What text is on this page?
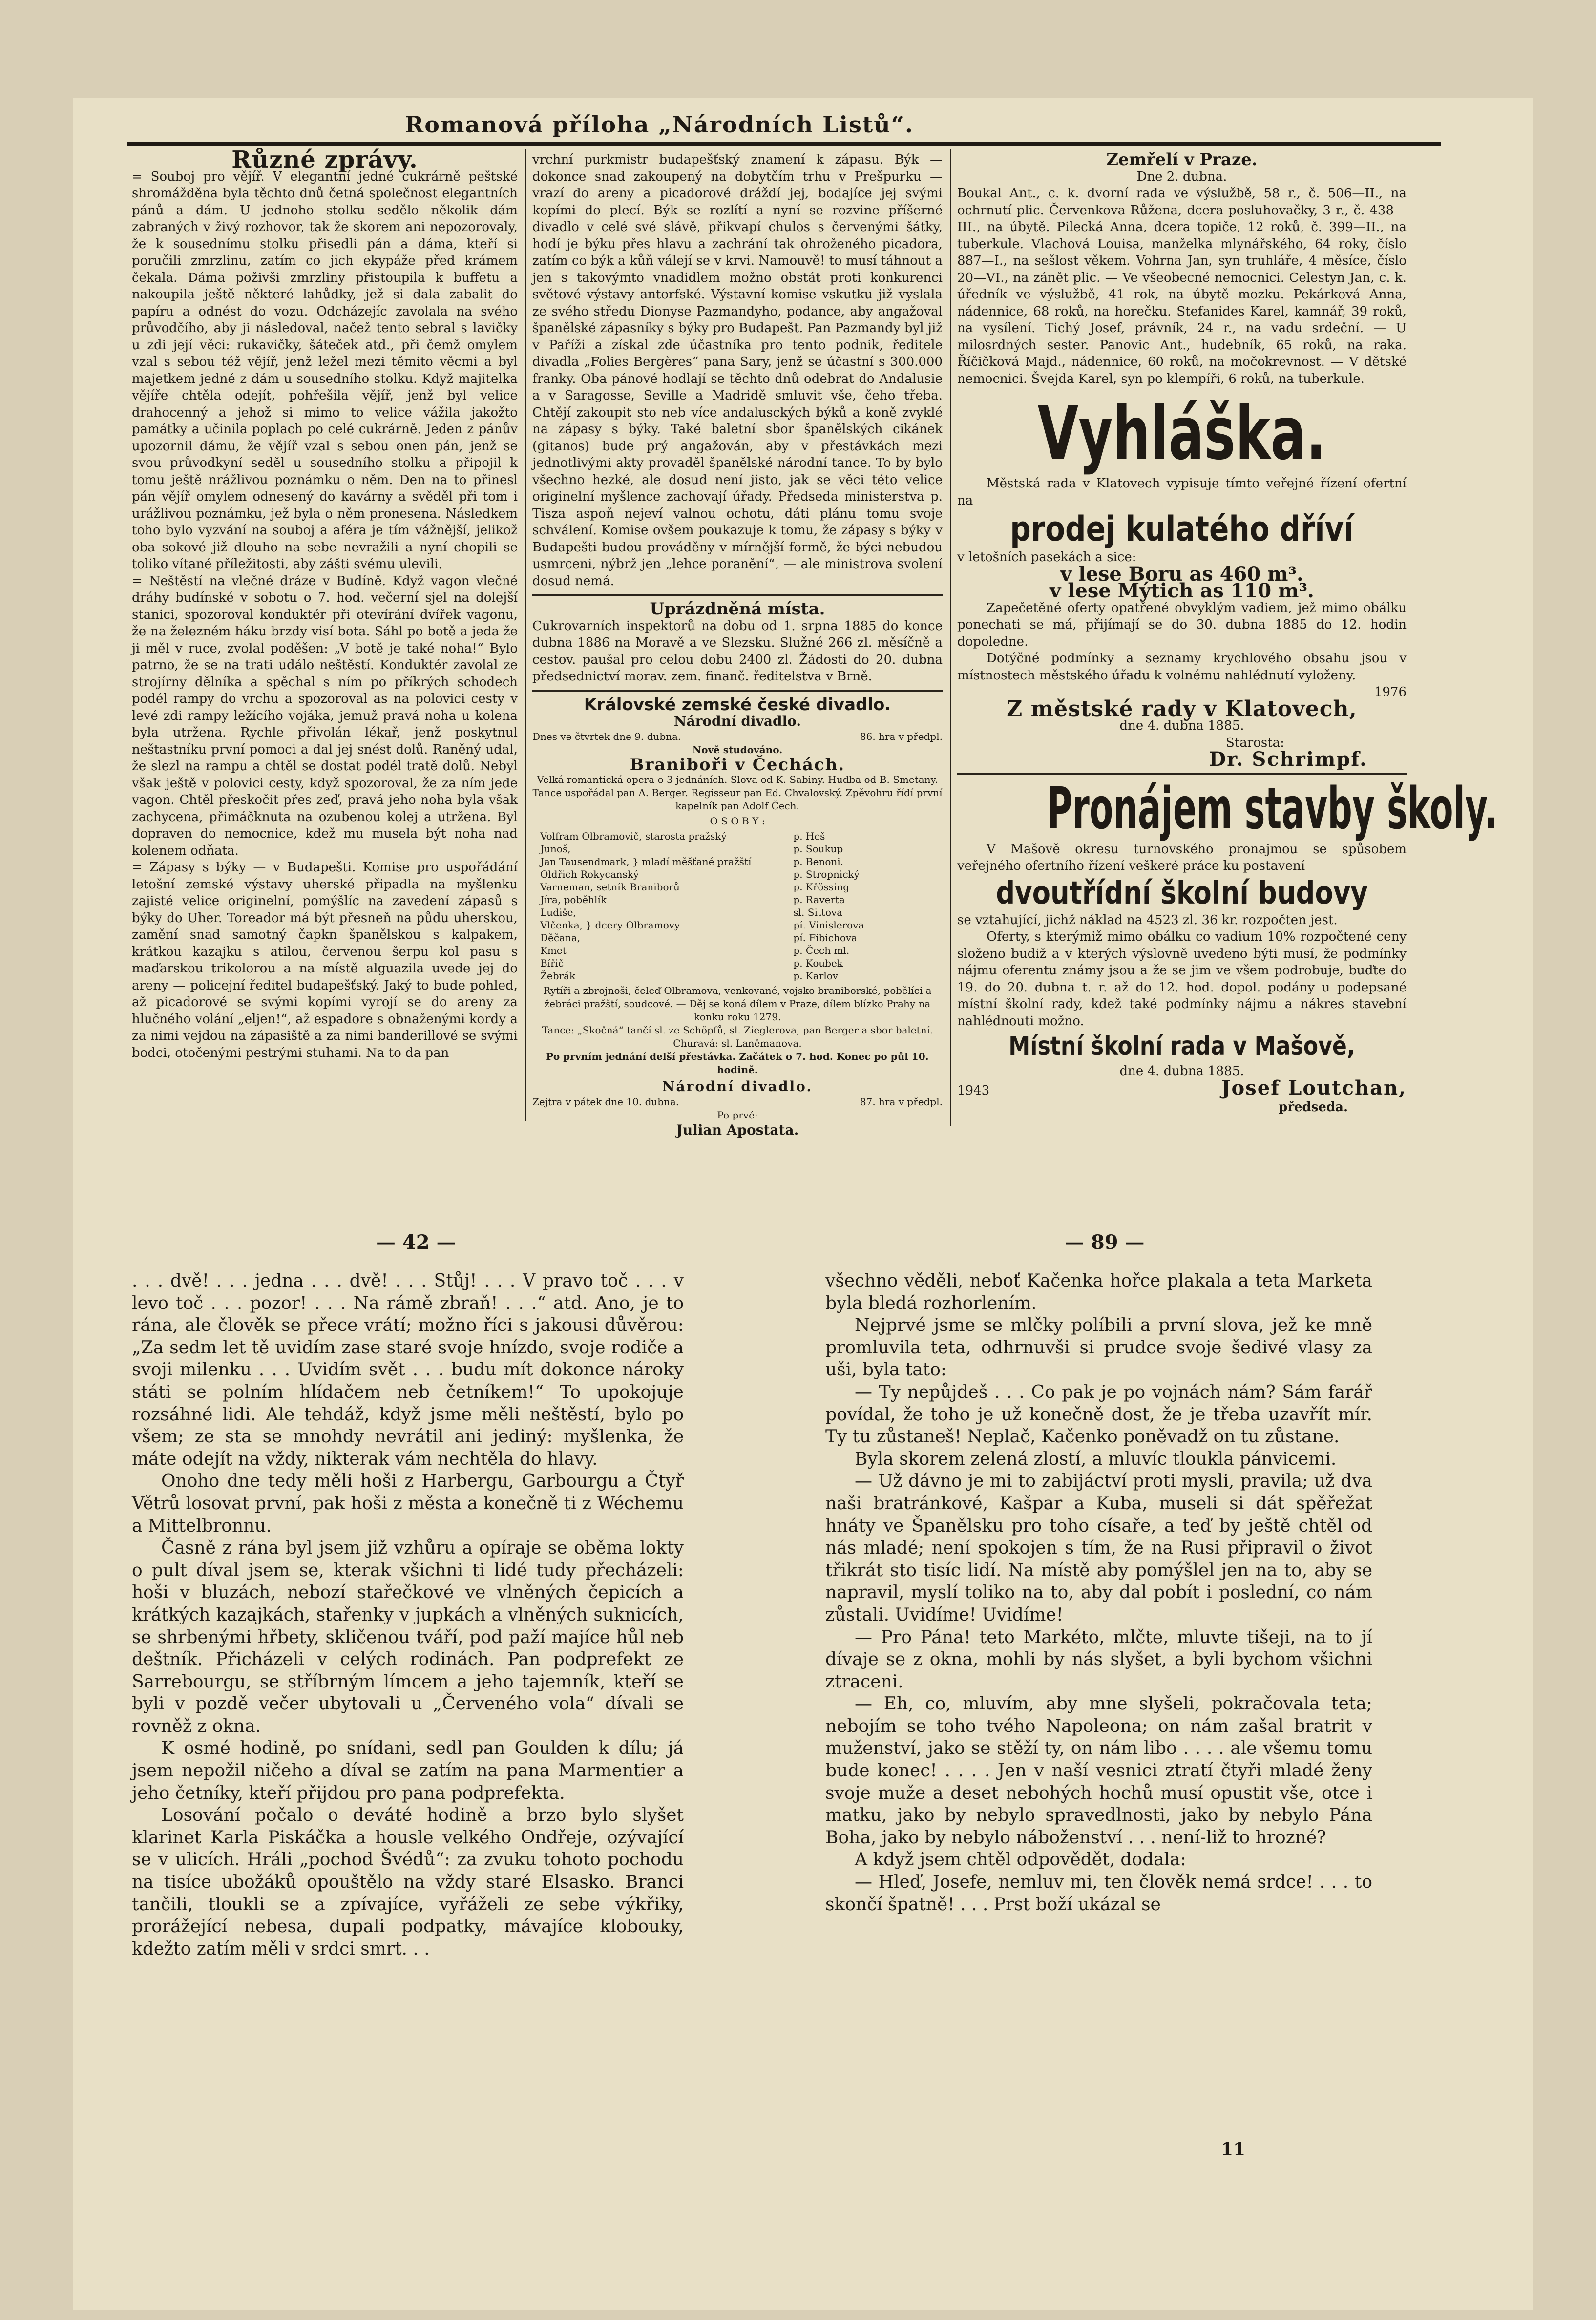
Romanová příloha „Národních Listů“.
Různé zprávy.

= Souboj pro vějíř. V elegantní jedné cukrárně peštské shromážděna byla těchto dnů četná společnost elegantních pánů a dám. U jednoho stolku sedělo několik dám zabraných v živý rozhovor, tak že skorem ani nepozorovaly, že k sousednímu stolku přisedli pán a dáma, kteří si poručili zmrzlinu, zatím co jich ekypáže před krámem čekala. Dáma poživši zmrzliny přistoupila k buffetu a nakoupila ještě některé lahůdky, jež si dala zabalit do papíru a odnést do vozu. Odcházejíc zavolala na svého průvodčího, aby ji následoval, načež tento sebral s lavičky u zdi její věci: rukavičky, šáteček atd., při čemž omylem vzal s sebou též vějíř, jenž ležel mezi těmito věcmi a byl majetkem jedné z dám u sousedního stolku. Když majitelka vějíře chtěla odejít, pohřešila vějíř, jenž byl velice drahocenný a jehož si mimo to velice vážila jakožto památky a učinila poplach po celé cukrárně. Jeden z pánův upozornil dámu, že vějíř vzal s sebou onen pán, jenž se svou průvodkyní seděl u sousedního stolku a připojil k tomu ještě nrážlivou poznámku o něm. Den na to přinesl pán vějíř omylem odnesený do kavárny a svěděl při tom i urážlivou poznámku, jež byla o něm pronesena. Následkem toho bylo vyzvání na souboj a aféra je tím vážnější, jelikož oba sokové již dlouho na sebe nevražili a nyní chopili se toliko vítané příležitosti, aby zášti svému ulevili.

= Neštěstí na vlečné dráze v Budíně. Když vagon vlečné dráhy budínské v sobotu o 7. hod. večerní sjel na dolejší stanici, spozoroval konduktér při otevírání dvířek vagonu, že na železném háku brzdy visí bota. Sáhl po botě a jeda že ji měl v ruce, zvolal poděšen: „V botě je také noha!“ Bylo patrno, že se na trati událo neštěstí. Konduktér zavolal ze strojírny dělníka a spěchal s ním po příkrých schodech podél rampy do vrchu a spozoroval as na polovici cesty v levé zdi rampy ležícího vojáka, jemuž pravá noha u kolena byla utržena. Rychle přivolán lékař, jenž poskytnul neštastníku první pomoci a dal jej snést dolů. Raněný udal, že slezl na rampu a chtěl se dostat podél tratě dolů. Nebyl však ještě v polovici cesty, když spozoroval, že za ním jede vagon. Chtěl přeskočit přes zeď, pravá jeho noha byla však zachycena, přimáčknuta na ozubenou kolej a utržena. Byl dopraven do nemocnice, kdež mu musela být noha nad kolenem odňata.

= Zápasy s býky — v Budapešti. Komise pro uspořádání letošní zemské výstavy uherské připadla na myšlenku zajisté velice originelní, pomýšlíc na zavedení zápasů s býky do Uher. Toreador má být přesneň na půdu uherskou, zamění snad samotný čapkn španělskou s kalpakem, krátkou kazajku s atilou, červenou šerpu kol pasu s maďarskou trikolorou a na místě alguazila uvede jej do areny — policejní ředitel budapešťský. Jaký to bude pohled, až picadorové se svými kopími vyrojí se do areny za hlučného volání „eljen!“, až espadore s obnaženými kordy a za nimi vejdou na zápasiště a za nimi banderillové se svými bodci, otočenými pestrými stuhami. Na to da pan

vrchní purkmistr budapešťský znamení k zápasu. Býk — dokonce snad zakoupený na dobytčím trhu v Prešpurku — vrazí do areny a picadorové dráždí jej, bodajíce jej svými kopími do plecí. Býk se rozlítí a nyní se rozvine příšerné divadlo v celé své slávě, přikvapí chulos s červenými šátky, hodí je býku přes hlavu a zachrání tak ohroženého picadora, zatím co býk a kůň válejí se v krvi. Namouvě! to musí táhnout a jen s takovýmto vnadidlem možno obstát proti konkurenci světové výstavy antorfské. Výstavní komise vskutku již vyslala ze svého středu Dionyse Pazmandyho, podance, aby angažoval španělské zápasníky s býky pro Budapešt. Pan Pazmandy byl již v Paříži a získal zde účastníka pro tento podnik, ředitele divadla „Folies Bergères“ pana Sary, jenž se účastní s 300.000 franky. Oba pánové hodlají se těchto dnů odebrat do Andalusie a v Saragosse, Seville a Madridě smluvit vše, čeho třeba. Chtějí zakoupit sto neb více andalusckých býků a koně zvyklé na zápasy s býky. Také baletní sbor španělských cikánek (gitanos) bude prý angažován, aby v přestávkách mezi jednotlivými akty provaděl španělské národní tance. To by bylo všechno hezké, ale dosud není jisto, jak se věci této velice originelní myšlence zachovají úřady. Předseda ministerstva p. Tisza aspoň nejeví valnou ochotu, dáti plánu tomu svoje schválení. Komise ovšem poukazuje k tomu, že zápasy s býky v Budapešti budou prováděny v mírnější formě, že býci nebudou usmrceni, nýbrž jen „lehce poranění“, — ale ministrova svolení dosud nemá.

Uprázdněná místa.

Cukrovarních inspektorů na dobu od 1. srpna 1885 do konce dubna 1886 na Moravě a ve Slezsku. Služné 266 zl. měsíčně a cestov. paušal pro celou dobu 2400 zl. Žádosti do 20. dubna předsednictví morav. zem. finanč. ředitelstva v Brně.

Královské zemské české divadlo.
Národní divadlo.
Dnes ve čtvrtek dne 9. dubna.	86. hra v předpl.
Nově studováno.
Braniboři v Čechách.
Velká romantická opera o 3 jednáních. Slova od K. Sabiny. Hudba od B. Smetany. Tance uspořádal pan A. Berger. Regisseur pan Ed. Chvalovský. Zpěvohru řídí první kapelník pan Adolf Čech.
O S O B Y :
Volfram Olbramovič, starosta pražský	p. Heš
Junoš,	p. Soukup
Jan Tausendmark, } mladí měšťané pražští	p. Benoni.
Oldřich Rokycanský	p. Stropnický
Varneman, setník Braniborů	p. Křössing
Jíra, poběhlík	p. Raverta
Ludiše,	sl. Sittova
Vlčenka, } dcery Olbramovy	pí. Vinislerova
Děčana,	pí. Fibichova
Kmet	p. Čech ml.
Bířič	p. Koubek
Žebrák	p. Karlov
Rytíři a zbrojnoši, čeleď Olbramova, venkované, vojsko braniborské, pobělíci a žebráci pražští, soudcové. — Děj se koná dílem v Praze, dílem blízko Prahy na konku roku 1279.
Tance: „Skočná“ tančí sl. ze Schöpfů, sl. Zieglerova, pan Berger a sbor baletní.
Churavá: sl. Laněmanova.
Po prvním jednání delší přestávka. Začátek o 7. hod. Konec po půl 10. hodině.
Národní divadlo.
Zejtra v pátek dne 10. dubna.	87. hra v předpl.
Po prvé:
Julian Apostata.
Zemřelí v Praze.
Dne 2. dubna.

Boukal Ant., c. k. dvorní rada ve výslužbě, 58 r., č. 506—II., na ochrnutí plic. Červenkova Růžena, dcera posluhovačky, 3 r., č. 438—III., na úbytě. Pilecká Anna, dcera topiče, 12 roků, č. 399—II., na tuberkule. Vlachová Louisa, manželka mlynářského, 64 roky, číslo 887—I., na sešlost věkem. Vohrna Jan, syn truhláře, 4 měsíce, číslo 20—VI., na zánět plic. — Ve všeobecné nemocnici. Celestyn Jan, c. k. úředník ve výslužbě, 41 rok, na úbytě mozku. Pekárková Anna, nádennice, 68 roků, na horečku. Stefanides Karel, kamnář, 39 roků, na vysílení. Tichý Josef, právník, 24 r., na vadu srdeční. — U milosrdných sester. Panovic Ant., hudebník, 65 roků, na raka. Říčičková Majd., nádennice, 60 roků, na močokrevnost. — V dětské nemocnici. Švejda Karel, syn po klempíři, 6 roků, na tuberkule.

Vyhláška.

Městská rada v Klatovech vypisuje tímto veřejné řízení ofertní na

prodej kulatého dříví

v letošních pasekách a sice:

v lese Boru as 460 m³.
v lese Mýtich as 110 m³.

Zapečetěné oferty opatřené obvyklým vadiem, jež mimo obálku ponechati se má, přijímají se do 30. dubna 1885 do 12. hodin dopoledne.

Dotýčné podmínky a seznamy krychlového obsahu jsou v místnostech městského úřadu k volnému nahlédnutí vyloženy.

1976
Z městské rady v Klatovech,
dne 4. dubna 1885.
Starosta:
Dr. Schrimpf.
Pronájem stavby školy.

V Mašově okresu turnovského pronajmou se spůsobem veřejného ofertního řízení veškeré práce ku postavení

dvoutřídní školní budovy

se vztahující, jichž náklad na 4523 zl. 36 kr. rozpočten jest.

Oferty, s kterýmiž mimo obálku co vadium 10% rozpočtené ceny složeno budiž a v kterých výslovně uvedeno býti musí, že podmínky nájmu oferentu známy jsou a že se jim ve všem podrobuje, buďte do 19. do 20. dubna t. r. až do 12. hod. dopol. podány u podepsané místní školní rady, kdež také podmínky nájmu a nákres stavební nahlédnouti možno.

Místní školní rada v Mašově,
dne 4. dubna 1885.
1943	Josef Loutchan,
předseda.
— 42 —	— 89 —

. . . dvě! . . . jedna . . . dvě! . . . Stůj! . . . V pravo toč . . . v levo toč . . . pozor! . . . Na rámě zbraň! . . .“ atd. Ano, je to rána, ale člověk se přece vrátí; možno říci s jakousi důvěrou: „Za sedm let tě uvidím zase staré svoje hnízdo, svoje rodiče a svoji milenku . . . Uvidím svět . . . budu mít dokonce nároky státi se polním hlídačem neb četníkem!“ To upokojuje rozsáhné lidi. Ale tehdáž, když jsme měli neštěstí, bylo po všem; ze sta se mnohdy nevrátil ani jediný: myšlenka, že máte odejít na vždy, nikterak vám nechtěla do hlavy.

Onoho dne tedy měli hoši z Harbergu, Garbourgu a Čtyř Větrů losovat první, pak hoši z města a konečně ti z Wéchemu a Mittelbronnu.

Časně z rána byl jsem již vzhůru a opíraje se oběma lokty o pult díval jsem se, kterak všichni ti lidé tudy přecházeli: hoši v bluzách, nebozí stařečkové ve vlněných čepicích a krátkých kazajkách, stařenky v jupkách a vlněných suknicích, se shrbenými hřbety, skličenou tváří, pod paží majíce hůl neb deštník. Přicházeli v celých rodinách. Pan podprefekt ze Sarrebourgu, se stříbrným límcem a jeho tajemník, kteří se byli v pozdě večer ubytovali u „Červeného vola“ dívali se rovněž z okna.

K osmé hodině, po snídani, sedl pan Goulden k dílu; já jsem nepožil ničeho a díval se zatím na pana Marmentier a jeho četníky, kteří přijdou pro pana podprefekta.

Losování počalo o deváté hodině a brzo bylo slyšet klarinet Karla Piskáčka a housle velkého Ondřeje, ozývající se v ulicích. Hráli „pochod Švédů“: za zvuku tohoto pochodu na tisíce ubožáků opouštělo na vždy staré Elsasko. Branci tančili, tloukli se a zpívajíce, vyřáželi ze sebe výkřiky, prorážející nebesa, dupali podpatky, mávajíce klobouky, kdežto zatím měli v srdci smrt. . .

všechno věděli, neboť Kačenka hořce plakala a teta Marketa byla bledá rozhorlením.

Nejprvé jsme se mlčky políbili a první slova, jež ke mně promluvila teta, odhrnuvši si prudce svoje šedivé vlasy za uši, byla tato:

— Ty nepůjdeš . . . Co pak je po vojnách nám? Sám farář povídal, že toho je už konečně dost, že je třeba uzavřít mír. Ty tu zůstaneš! Neplač, Kačenko poněvadž on tu zůstane.

Byla skorem zelená zlostí, a mluvíc tloukla pánvicemi.

— Už dávno je mi to zabijáctví proti mysli, pravila; už dva naši bratránkové, Kašpar a Kuba, museli si dát spěřežat hnáty ve Španělsku pro toho císaře, a teď by ještě chtěl od nás mladé; není spokojen s tím, že na Rusi připravil o život třikrát sto tisíc lidí. Na místě aby pomýšlel jen na to, aby se napravil, myslí toliko na to, aby dal pobít i poslední, co nám zůstali. Uvidíme! Uvidíme!

— Pro Pána! teto Markéto, mlčte, mluvte tišeji, na to jí dívaje se z okna, mohli by nás slyšet, a byli bychom všichni ztraceni.

— Eh, co, mluvím, aby mne slyšeli, pokračovala teta; nebojím se toho tvého Napoleona; on nám zašal bratrit v muženství, jako se stěží ty, on nám libo . . . . ale všemu tomu bude konec! . . . . Jen v naší vesnici ztratí čtyři mladé ženy svoje muže a deset nebohých hochů musí opustit vše, otce i matku, jako by nebylo spravedlnosti, jako by nebylo Pána Boha, jako by nebylo náboženství . . . není-liž to hrozné?

A když jsem chtěl odpovědět, dodala:

— Hleď, Josefe, nemluv mi, ten člověk nemá srdce! . . . to skončí špatně! . . . Prst boží ukázal se

11
